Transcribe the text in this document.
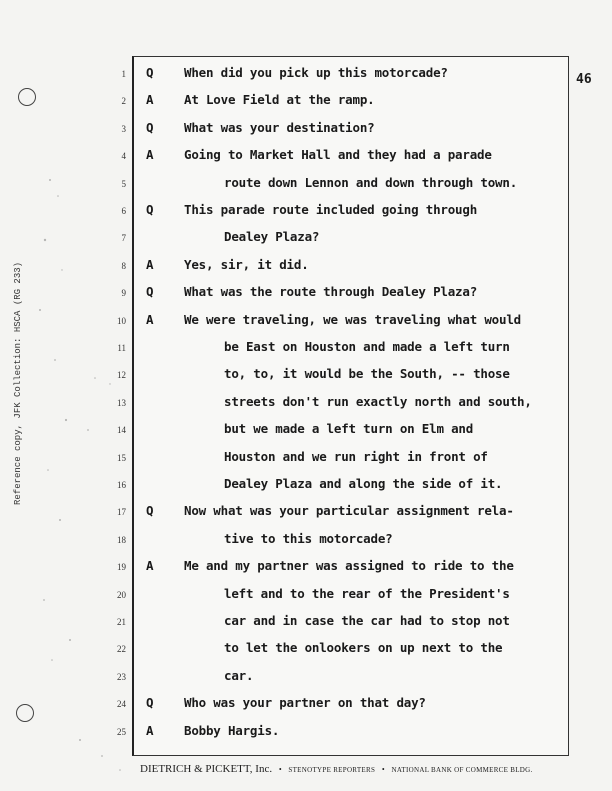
Reference copy, JFK Collection: HSCA (RG 233)
1 Q When did you pick up this motorcade?
2 A At Love Field at the ramp.
3 Q What was your destination?
4 A Going to Market Hall and they had a parade
5	route down Lennon and down through town.
6 Q This parade route included going through
7	Dealey Plaza?
8 A Yes, sir, it did.
9 Q What was the route through Dealey Plaza?
10 A We were traveling, we was traveling what would
11	be East on Houston and made a left turn
12	to, to, it would be the South, -- those
13	streets don't run exactly north and south,
14	but we made a left turn on Elm and
15	Houston and we run right in front of
16	Dealey Plaza and along the side of it.
17 Q Now what was your particular assignment rela-
18	tive to this motorcade?
19 A Me and my partner was assigned to ride to the
20	left and to the rear of the President's
21	car and in case the car had to stop not
22	to let the onlookers on up next to the
23	car.
24 Q Who was your partner on that day?
25 A Bobby Hargis.
46
DIETRICH & PICKETT, Inc. • STENOTYPE REPORTERS • NATIONAL BANK OF COMMERCE BLDG.
